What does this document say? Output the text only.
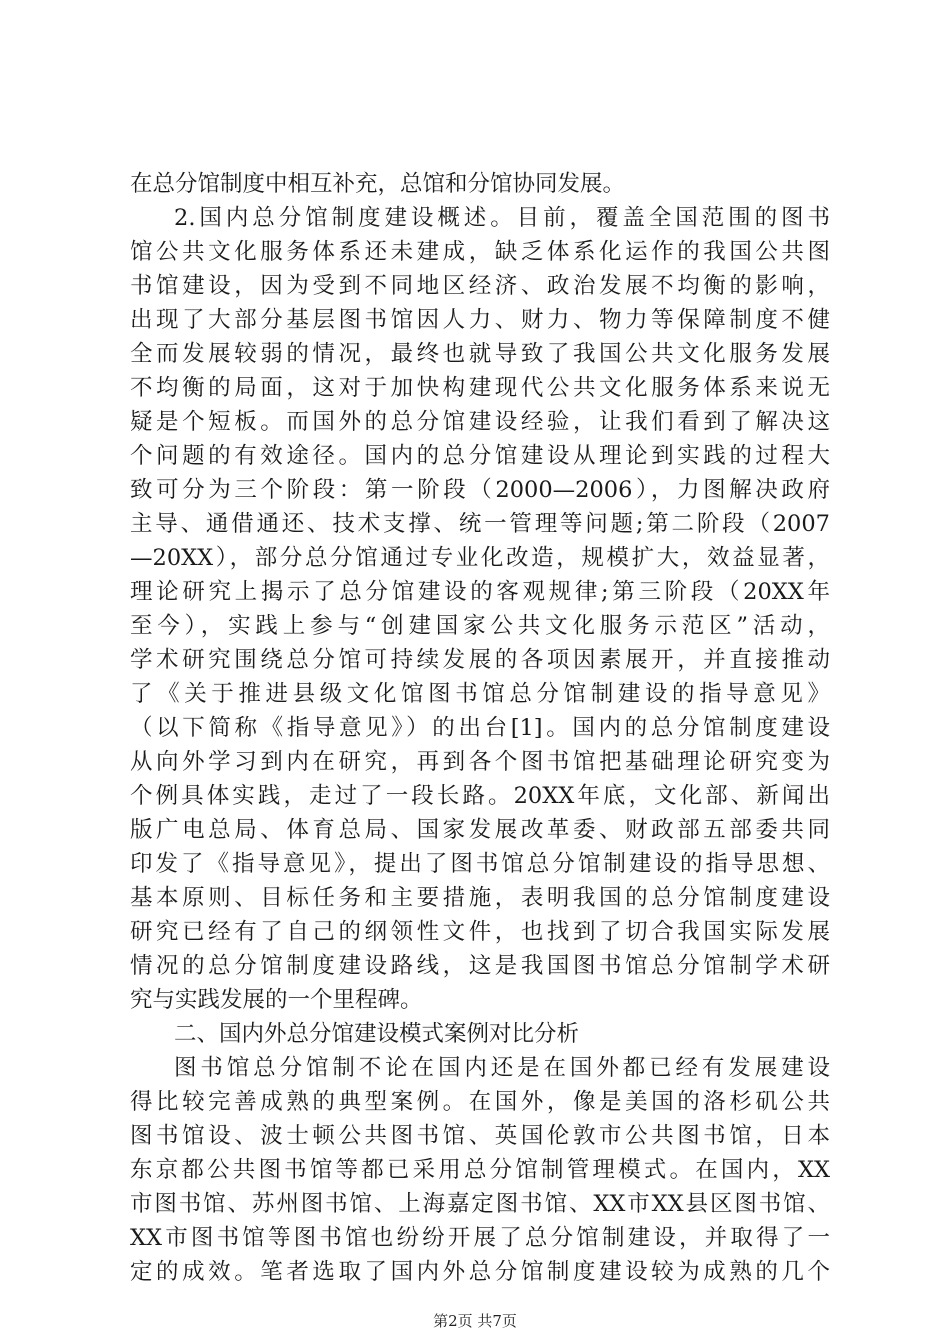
在总分馆制度中相互补充，总馆和分馆协同发展。
2.国内总分馆制度建设概述。目前，覆盖全国范围的图书
馆公共文化服务体系还未建成，缺乏体系化运作的我国公共图
书馆建设，因为受到不同地区经济、政治发展不均衡的影响，
出现了大部分基层图书馆因人力、财力、物力等保障制度不健
全而发展较弱的情况，最终也就导致了我国公共文化服务发展
不均衡的局面，这对于加快构建现代公共文化服务体系来说无
疑是个短板。而国外的总分馆建设经验，让我们看到了解决这
个问题的有效途径。国内的总分馆建设从理论到实践的过程大
致可分为三个阶段：第一阶段（2000—2006），力图解决政府
主导、通借通还、技术支撑、统一管理等问题;第二阶段（2007
—20XX），部分总分馆通过专业化改造，规模扩大，效益显著，
理论研究上揭示了总分馆建设的客观规律;第三阶段（20XX年
至今），实践上参与“创建国家公共文化服务示范区”活动，
学术研究围绕总分馆可持续发展的各项因素展开，并直接推动
了《关于推进县级文化馆图书馆总分馆制建设的指导意见》
（以下简称《指导意见》）的出台[1]。国内的总分馆制度建设
从向外学习到内在研究，再到各个图书馆把基础理论研究变为
个例具体实践，走过了一段长路。20XX年底，文化部、新闻出
版广电总局、体育总局、国家发展改革委、财政部五部委共同
印发了《指导意见》，提出了图书馆总分馆制建设的指导思想、
基本原则、目标任务和主要措施，表明我国的总分馆制度建设
研究已经有了自己的纲领性文件，也找到了切合我国实际发展
情况的总分馆制度建设路线，这是我国图书馆总分馆制学术研
究与实践发展的一个里程碑。
二、国内外总分馆建设模式案例对比分析
图书馆总分馆制不论在国内还是在国外都已经有发展建设
得比较完善成熟的典型案例。在国外，像是美国的洛杉矶公共
图书馆设、波士顿公共图书馆、英国伦敦市公共图书馆，日本
东京都公共图书馆等都已采用总分馆制管理模式。在国内，XX
市图书馆、苏州图书馆、上海嘉定图书馆、XX市XX县区图书馆、
XX市图书馆等图书馆也纷纷开展了总分馆制建设，并取得了一
定的成效。笔者选取了国内外总分馆制度建设较为成熟的几个
第2页 共7页
